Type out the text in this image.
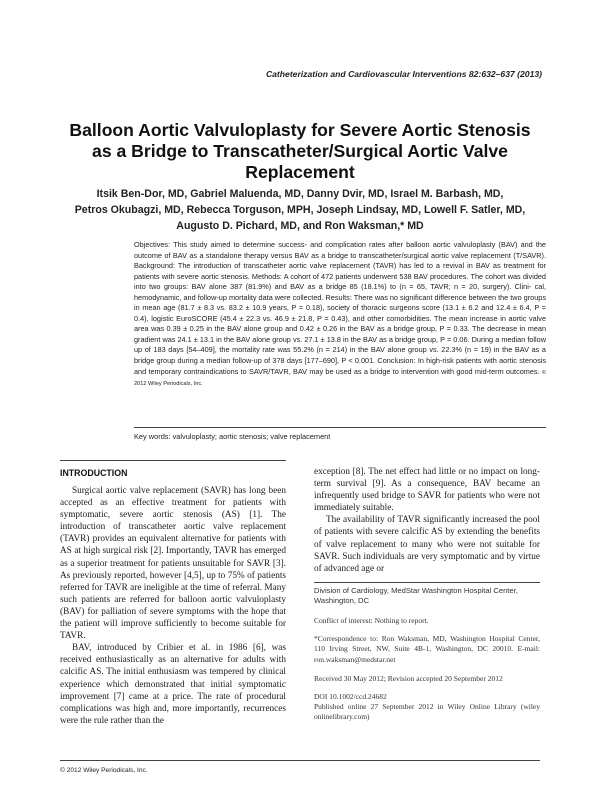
Catheterization and Cardiovascular Interventions 82:632–637 (2013)
Balloon Aortic Valvuloplasty for Severe Aortic Stenosis
as a Bridge to Transcatheter/Surgical Aortic Valve
Replacement
Itsik Ben-Dor, MD, Gabriel Maluenda, MD, Danny Dvir, MD, Israel M. Barbash, MD,
Petros Okubagzi, MD, Rebecca Torguson, MPH, Joseph Lindsay, MD, Lowell F. Satler, MD,
Augusto D. Pichard, MD, and Ron Waksman,* MD
Objectives: This study aimed to determine success- and complication rates after balloon aortic valvuloplasty (BAV) and the outcome of BAV as a standalone therapy versus BAV as a bridge to transcatheter/surgical aortic valve replacement (T/SAVR). Background: The introduction of transcatheter aortic valve replacement (TAVR) has led to a revival in BAV as treatment for patients with severe aortic stenosis. Methods: A cohort of 472 patients underwent 538 BAV procedures. The cohort was divided into two groups: BAV alone 387 (81.9%) and BAV as a bridge 85 (18.1%) to (n = 65, TAVR; n = 20, surgery). Clini- cal, hemodynamic, and follow-up mortality data were collected. Results: There was no significant difference between the two groups in mean age (81.7 ± 8.3 vs. 83.2 ± 10.9 years, P = 0.18), society of thoracic surgeons score (13.1 ± 6.2 and 12.4 ± 6.4, P = 0.4), logistic EuroSCORE (45.4 ± 22.3 vs. 46.9 ± 21.8, P = 0.43), and other comorbidities. The mean increase in aortic valve area was 0.39 ± 0.25 in the BAV alone group and 0.42 ± 0.26 in the BAV as a bridge group, P = 0.33. The decrease in mean gradient was 24.1 ± 13.1 in the BAV alone group vs. 27.1 ± 13.8 in the BAV as a bridge group, P = 0.06. During a median follow up of 183 days [54–409], the mortality rate was 55.2% (n = 214) in the BAV alone group vs. 22.3% (n = 19) in the BAV as a bridge group during a median follow-up of 378 days [177–690], P < 0.001. Conclusion: In high-risk patients with aortic stenosis and temporary contraindications to SAVR/TAVR, BAV may be used as a bridge to intervention with good mid-term outcomes. © 2012 Wiley Periodicals, Inc.
Key words: valvuloplasty; aortic stenosis; valve replacement
INTRODUCTION

Surgical aortic valve replacement (SAVR) has long been accepted as an effective treatment for patients with symptomatic, severe aortic stenosis (AS) [1]. The introduction of transcatheter aortic valve replacement (TAVR) provides an equivalent alternative for patients with AS at high surgical risk [2]. Importantly, TAVR has emerged as a superior treatment for patients unsuitable for SAVR [3]. As previously reported, however [4,5], up to 75% of patients referred for TAVR are ineligible at the time of referral. Many such patients are referred for balloon aortic valvuloplasty (BAV) for palliation of severe symptoms with the hope that the patient will improve sufficiently to become suitable for TAVR.

BAV, introduced by Cribier et al. in 1986 [6], was received enthusiastically as an alternative for adults with calcific AS. The initial enthusiasm was tempered by clinical experience which demonstrated that initial symptomatic improvement [7] came at a price. The rate of procedural complications was high and, more importantly, recurrences were the rule rather than the

exception [8]. The net effect had little or no impact on long-term survival [9]. As a consequence, BAV became an infrequently used bridge to SAVR for patients who were not immediately suitable.

The availability of TAVR significantly increased the pool of patients with severe calcific AS by extending the benefits of valve replacement to many who were not suitable for SAVR. Such individuals are very symptomatic and by virtue of advanced age or

Division of Cardiology, MedStar Washington Hospital Center, Washington, DC
Conflict of interest: Nothing to report.
*Correspondence to: Ron Waksman, MD, Washington Hospital Center, 110 Irving Street, NW, Suite 4B-1, Washington, DC 20010. E-mail: ron.waksman@medstar.net
Received 30 May 2012; Revision accepted 20 September 2012
DOI 10.1002/ccd.24682
Published online 27 September 2012 in Wiley Online Library (wiley onlinelibrary.com)
© 2012 Wiley Periodicals, Inc.
